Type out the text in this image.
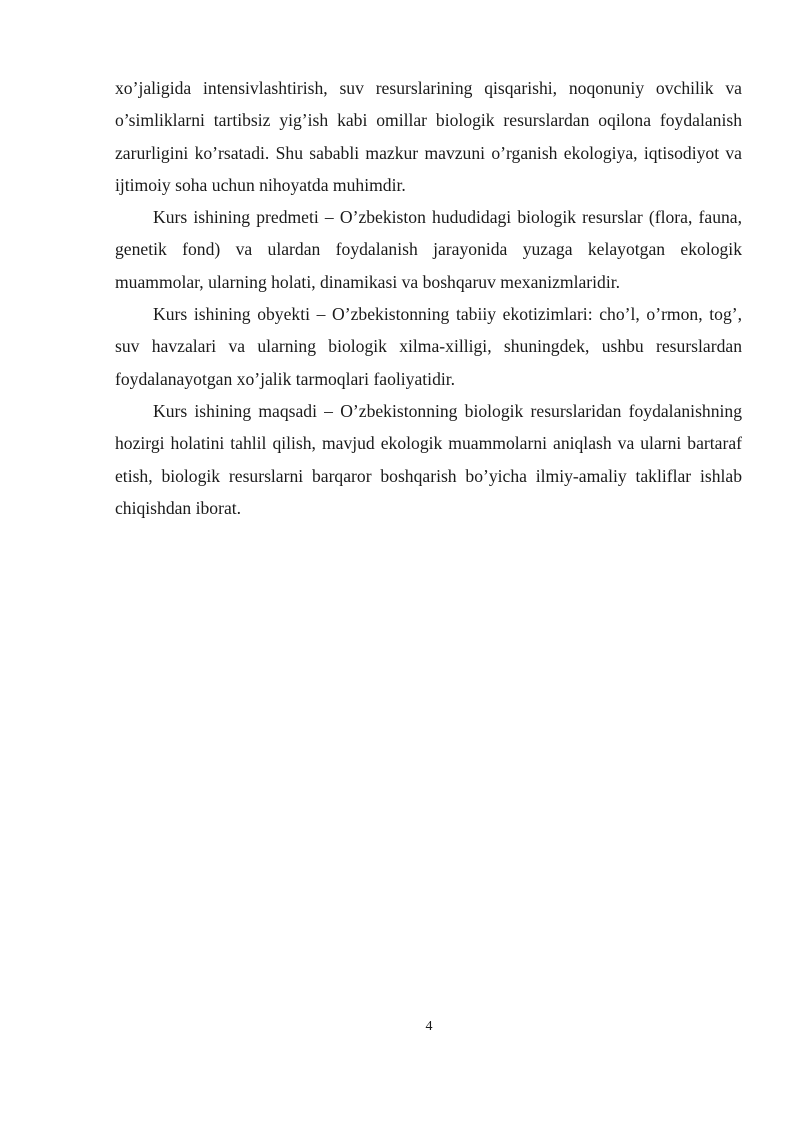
xo’jaligida intensivlashtirish, suv resurslarining qisqarishi, noqonuniy ovchilik va o’simliklarni tartibsiz yig’ish kabi omillar biologik resurslardan oqilona foydalanish zarurligini ko’rsatadi. Shu sababli mazkur mavzuni o’rganish ekologiya, iqtisodiyot va ijtimoiy soha uchun nihoyatda muhimdir.

Kurs ishining predmeti – O’zbekiston hududidagi biologik resurslar (flora, fauna, genetik fond) va ulardan foydalanish jarayonida yuzaga kelayotgan ekologik muammolar, ularning holati, dinamikasi va boshqaruv mexanizmlaridir.

Kurs ishining obyekti – O’zbekistonning tabiiy ekotizimlari: cho’l, o’rmon, tog’, suv havzalari va ularning biologik xilma-xilligi, shuningdek, ushbu resurslardan foydalanayotgan xo’jalik tarmoqlari faoliyatidir.

Kurs ishining maqsadi – O’zbekistonning biologik resurslaridan foydalanishning hozirgi holatini tahlil qilish, mavjud ekologik muammolarni aniqlash va ularni bartaraf etish, biologik resurslarni barqaror boshqarish bo’yicha ilmiy-amaliy takliflar ishlab chiqishdan iborat.

4
